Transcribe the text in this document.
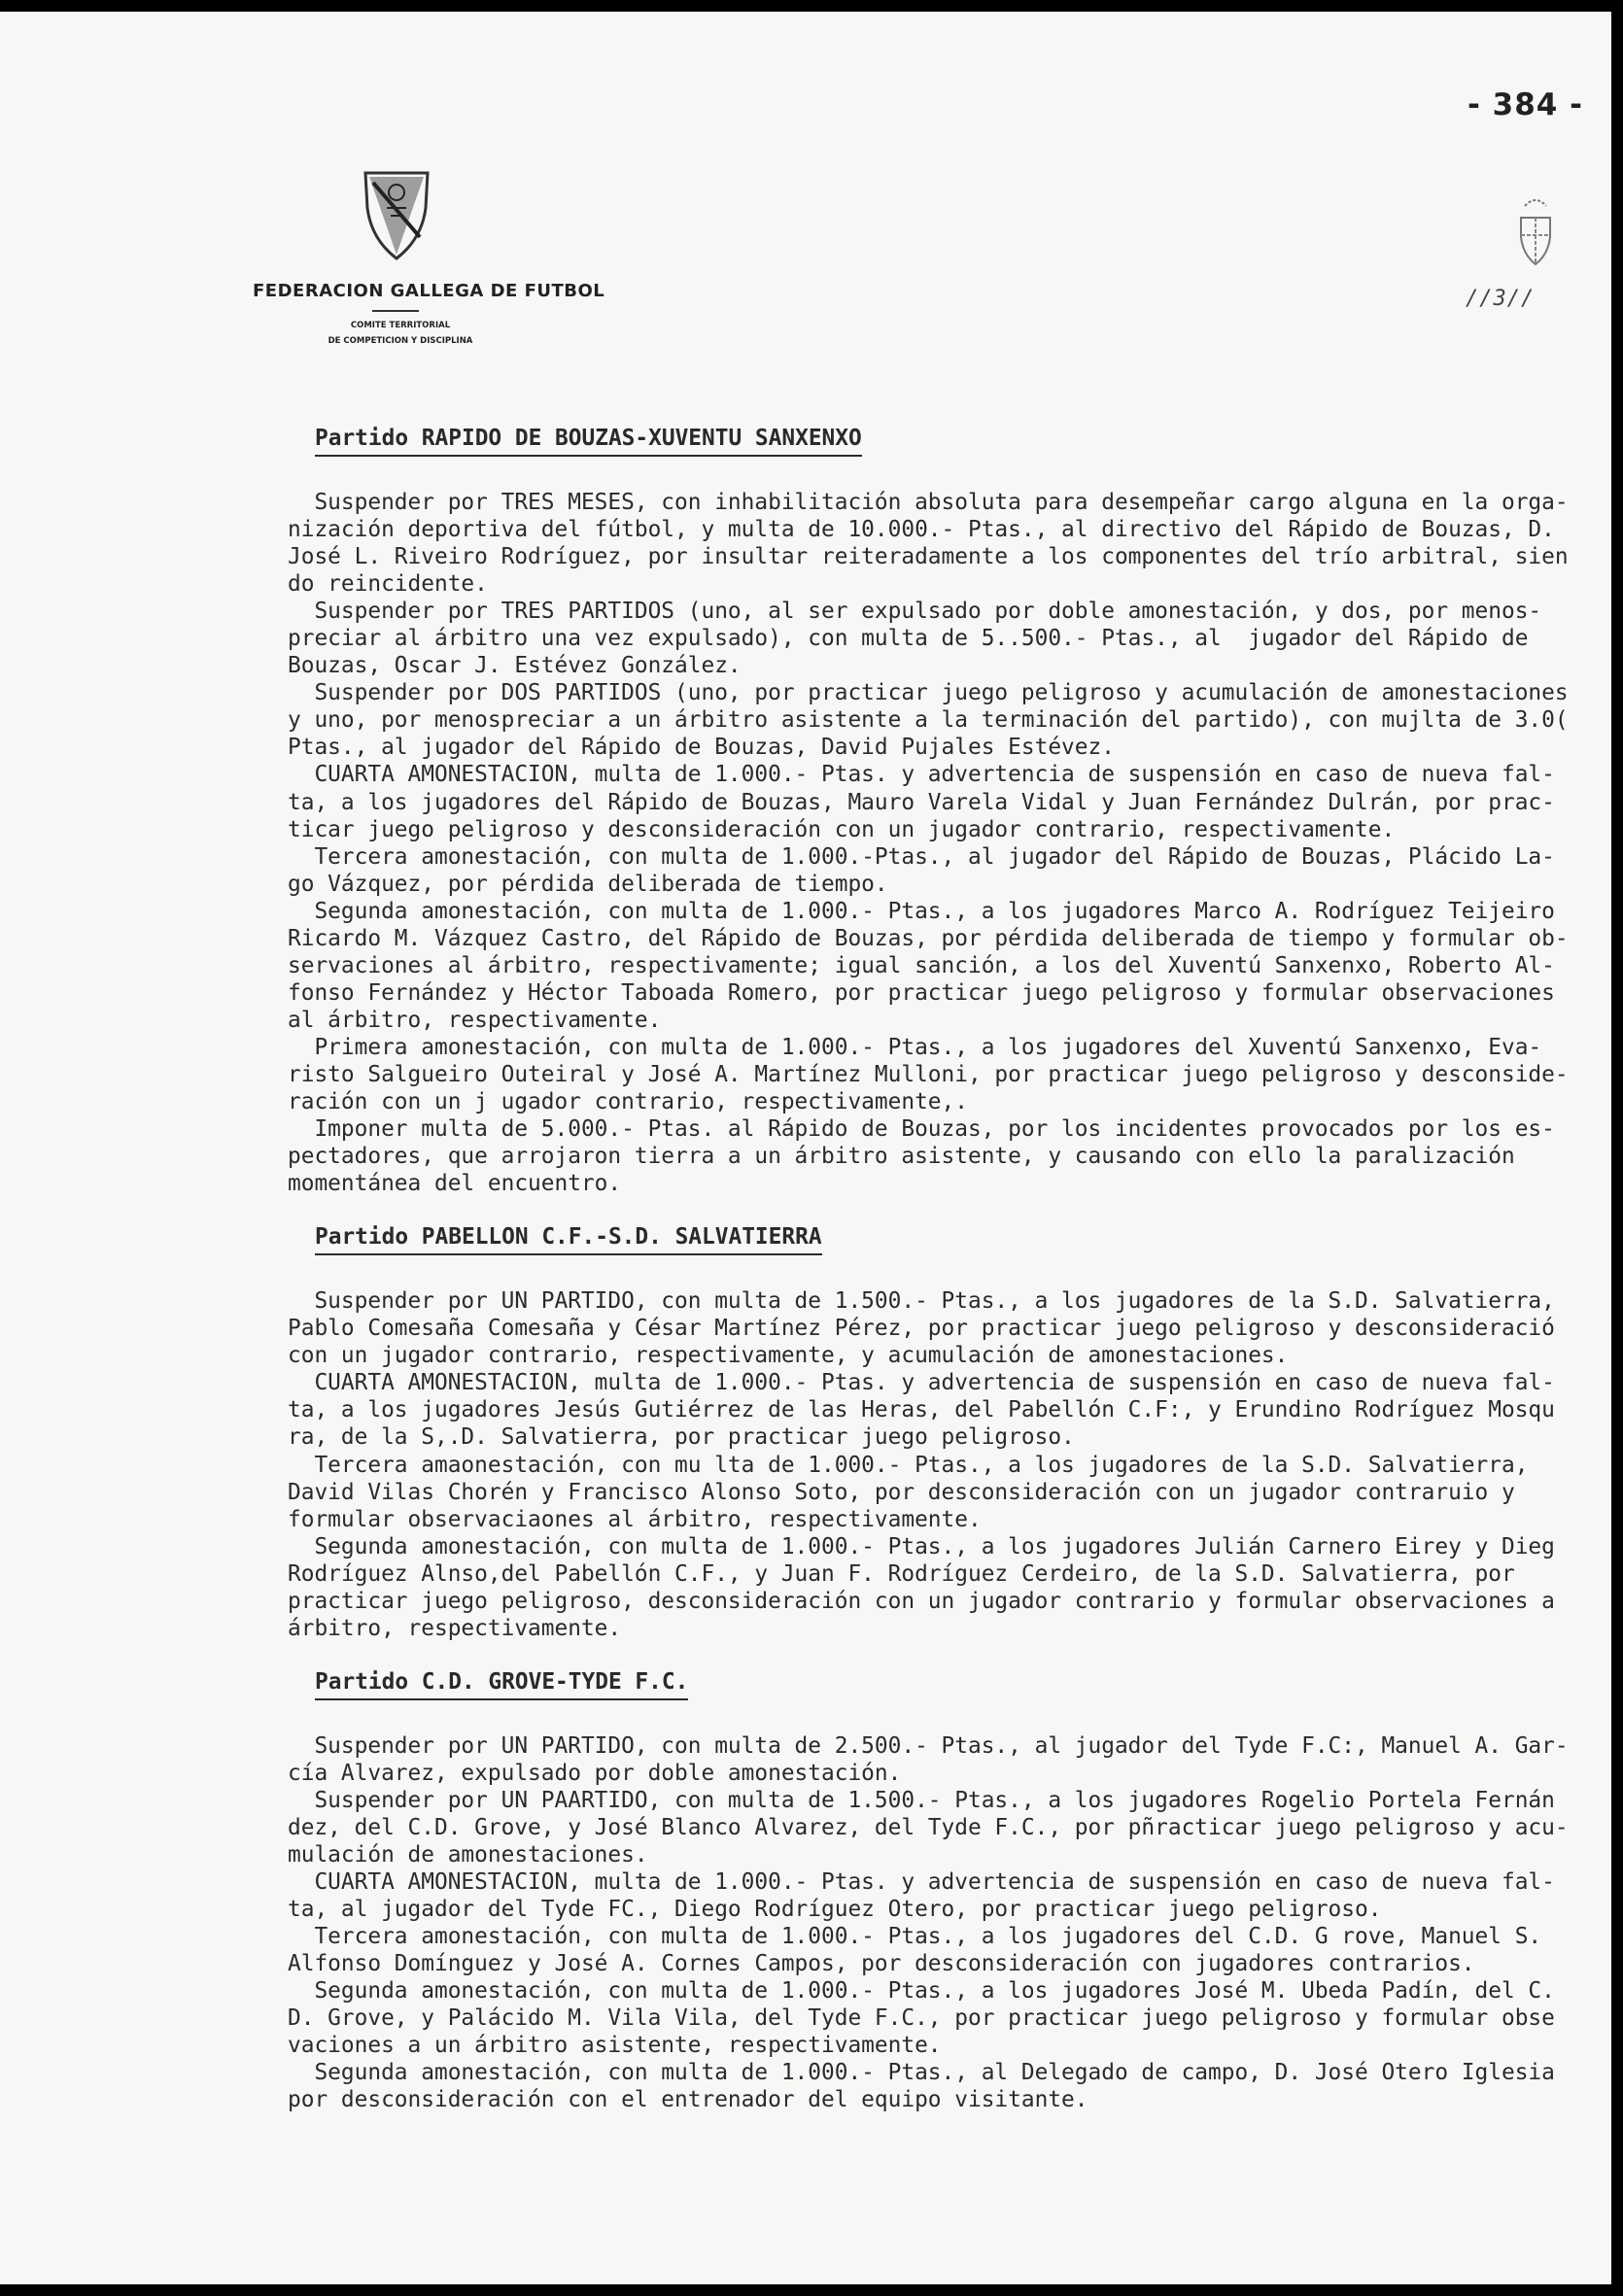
- 384 -

FEDERACION GALLEGA DE FUTBOL

COMITE TERRITORIAL
DE COMPETICION Y DISCIPLINA

//3//

Partido RAPIDO DE BOUZAS-XUVENTU SANXENXO

Suspender por TRES MESES, con inhabilitación absoluta para desempeñar cargo alguna en la orga-

nización deportiva del fútbol, y multa de 10.000.- Ptas., al directivo del Rápido de Bouzas, D.

José L. Riveiro Rodríguez, por insultar reiteradamente a los componentes del trío arbitral, sien

do reincidente.

Suspender por TRES PARTIDOS (uno, al ser expulsado por doble amonestación, y dos, por menos-

preciar al árbitro una vez expulsado), con multa de 5..500.- Ptas., al  jugador del Rápido de

Bouzas, Oscar J. Estévez González.

Suspender por DOS PARTIDOS (uno, por practicar juego peligroso y acumulación de amonestaciones

y uno, por menospreciar a un árbitro asistente a la terminación del partido), con mujlta de 3.0(

Ptas., al jugador del Rápido de Bouzas, David Pujales Estévez.

CUARTA AMONESTACION, multa de 1.000.- Ptas. y advertencia de suspensión en caso de nueva fal-

ta, a los jugadores del Rápido de Bouzas, Mauro Varela Vidal y Juan Fernández Dulrán, por prac-

ticar juego peligroso y desconsideración con un jugador contrario, respectivamente.

Tercera amonestación, con multa de 1.000.-Ptas., al jugador del Rápido de Bouzas, Plácido La-

go Vázquez, por pérdida deliberada de tiempo.

Segunda amonestación, con multa de 1.000.- Ptas., a los jugadores Marco A. Rodríguez Teijeiro

Ricardo M. Vázquez Castro, del Rápido de Bouzas, por pérdida deliberada de tiempo y formular ob-

servaciones al árbitro, respectivamente; igual sanción, a los del Xuventú Sanxenxo, Roberto Al-

fonso Fernández y Héctor Taboada Romero, por practicar juego peligroso y formular observaciones

al árbitro, respectivamente.

Primera amonestación, con multa de 1.000.- Ptas., a los jugadores del Xuventú Sanxenxo, Eva-

risto Salgueiro Outeiral y José A. Martínez Mulloni, por practicar juego peligroso y desconside-

ración con un j ugador contrario, respectivamente,.

Imponer multa de 5.000.- Ptas. al Rápido de Bouzas, por los incidentes provocados por los es-

pectadores, que arrojaron tierra a un árbitro asistente, y causando con ello la paralización

momentánea del encuentro.

Partido PABELLON C.F.-S.D. SALVATIERRA

Suspender por UN PARTIDO, con multa de 1.500.- Ptas., a los jugadores de la S.D. Salvatierra,

Pablo Comesaña Comesaña y César Martínez Pérez, por practicar juego peligroso y desconsideració

con un jugador contrario, respectivamente, y acumulación de amonestaciones.

CUARTA AMONESTACION, multa de 1.000.- Ptas. y advertencia de suspensión en caso de nueva fal-

ta, a los jugadores Jesús Gutiérrez de las Heras, del Pabellón C.F:, y Erundino Rodríguez Mosqu

ra, de la S,.D. Salvatierra, por practicar juego peligroso.

Tercera amaonestación, con mu lta de 1.000.- Ptas., a los jugadores de la S.D. Salvatierra,

David Vilas Chorén y Francisco Alonso Soto, por desconsideración con un jugador contraruio y

formular observaciaones al árbitro, respectivamente.

Segunda amonestación, con multa de 1.000.- Ptas., a los jugadores Julián Carnero Eirey y Dieg

Rodríguez Alnso,del Pabellón C.F., y Juan F. Rodríguez Cerdeiro, de la S.D. Salvatierra, por

practicar juego peligroso, desconsideración con un jugador contrario y formular observaciones a

árbitro, respectivamente.

Partido C.D. GROVE-TYDE F.C.

Suspender por UN PARTIDO, con multa de 2.500.- Ptas., al jugador del Tyde F.C:, Manuel A. Gar-

cía Alvarez, expulsado por doble amonestación.

Suspender por UN PAARTIDO, con multa de 1.500.- Ptas., a los jugadores Rogelio Portela Fernán

dez, del C.D. Grove, y José Blanco Alvarez, del Tyde F.C., por pñracticar juego peligroso y acu-

mulación de amonestaciones.

CUARTA AMONESTACION, multa de 1.000.- Ptas. y advertencia de suspensión en caso de nueva fal-

ta, al jugador del Tyde FC., Diego Rodríguez Otero, por practicar juego peligroso.

Tercera amonestación, con multa de 1.000.- Ptas., a los jugadores del C.D. G rove, Manuel S.

Alfonso Domínguez y José A. Cornes Campos, por desconsideración con jugadores contrarios.

Segunda amonestación, con multa de 1.000.- Ptas., a los jugadores José M. Ubeda Padín, del C.

D. Grove, y Palácido M. Vila Vila, del Tyde F.C., por practicar juego peligroso y formular obse

vaciones a un árbitro asistente, respectivamente.

Segunda amonestación, con multa de 1.000.- Ptas., al Delegado de campo, D. José Otero Iglesia

por desconsideración con el entrenador del equipo visitante.
